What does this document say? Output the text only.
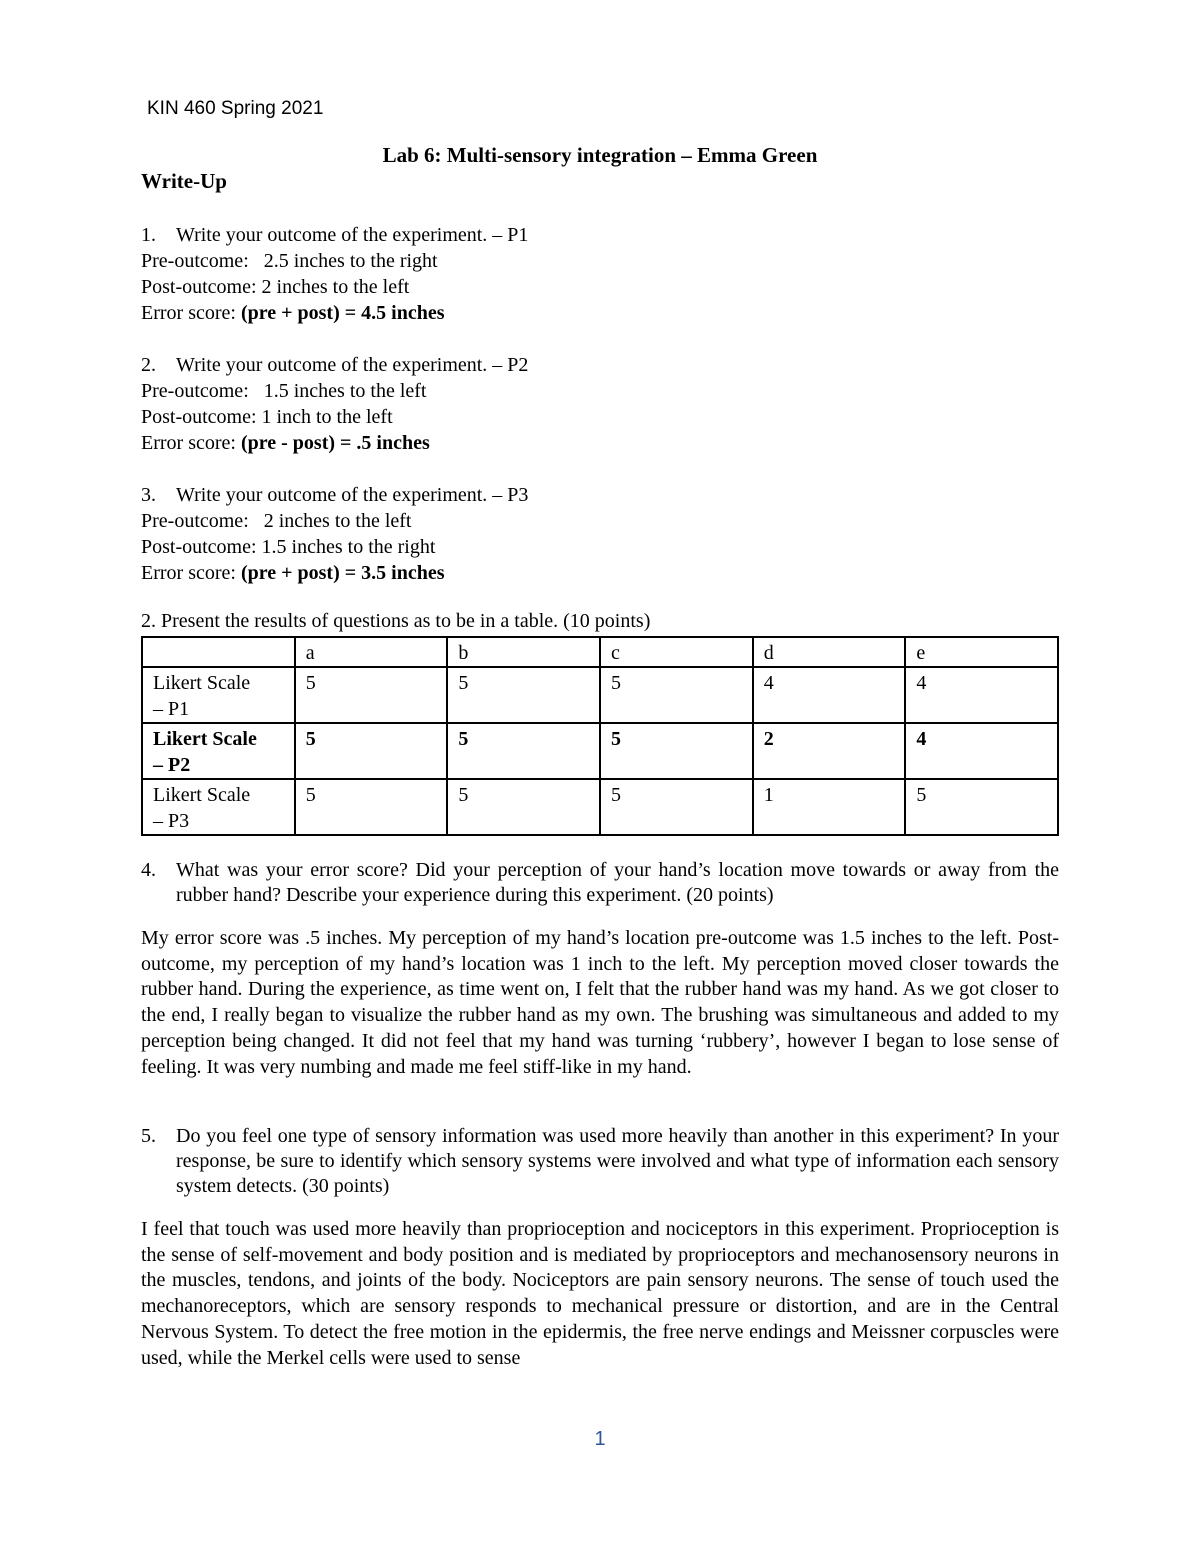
KIN 460 Spring 2021
Lab 6: Multi-sensory integration – Emma Green
Write-Up
1.	Write your outcome of the experiment. – P1
Pre-outcome:   2.5 inches to the right
Post-outcome: 2 inches to the left
Error score: (pre + post) = 4.5 inches
2.	Write your outcome of the experiment. – P2
Pre-outcome:   1.5 inches to the left
Post-outcome: 1 inch to the left
Error score: (pre - post) = .5 inches
3.	Write your outcome of the experiment. – P3
Pre-outcome:   2 inches to the left
Post-outcome: 1.5 inches to the right
Error score: (pre + post) = 3.5 inches
2. Present the results of questions as to be in a table. (10 points)
	a	b	c	d	e

Likert Scale
– P1	5	5	5	4	4

Likert Scale
– P2	5	5	5	2	4

Likert Scale
– P3	5	5	5	1	5
4.	What was your error score? Did your perception of your hand’s location move towards or away from the rubber hand? Describe your experience during this experiment. (20 points)
My error score was .5 inches. My perception of my hand’s location pre-outcome was 1.5 inches to the left. Post-outcome, my perception of my hand’s location was 1 inch to the left. My perception moved closer towards the rubber hand. During the experience, as time went on, I felt that the rubber hand was my hand. As we got closer to the end, I really began to visualize the rubber hand as my own. The brushing was simultaneous and added to my perception being changed. It did not feel that my hand was turning ‘rubbery’, however I began to lose sense of feeling. It was very numbing and made me feel stiff-like in my hand.
5.	Do you feel one type of sensory information was used more heavily than another in this experiment? In your response, be sure to identify which sensory systems were involved and what type of information each sensory system detects. (30 points)
I feel that touch was used more heavily than proprioception and nociceptors in this experiment. Proprioception is the sense of self-movement and body position and is mediated by proprioceptors and mechanosensory neurons in the muscles, tendons, and joints of the body. Nociceptors are pain sensory neurons. The sense of touch used the mechanoreceptors, which are sensory responds to mechanical pressure or distortion, and are in the Central Nervous System. To detect the free motion in the epidermis, the free nerve endings and Meissner corpuscles were used, while the Merkel cells were used to sense
1
